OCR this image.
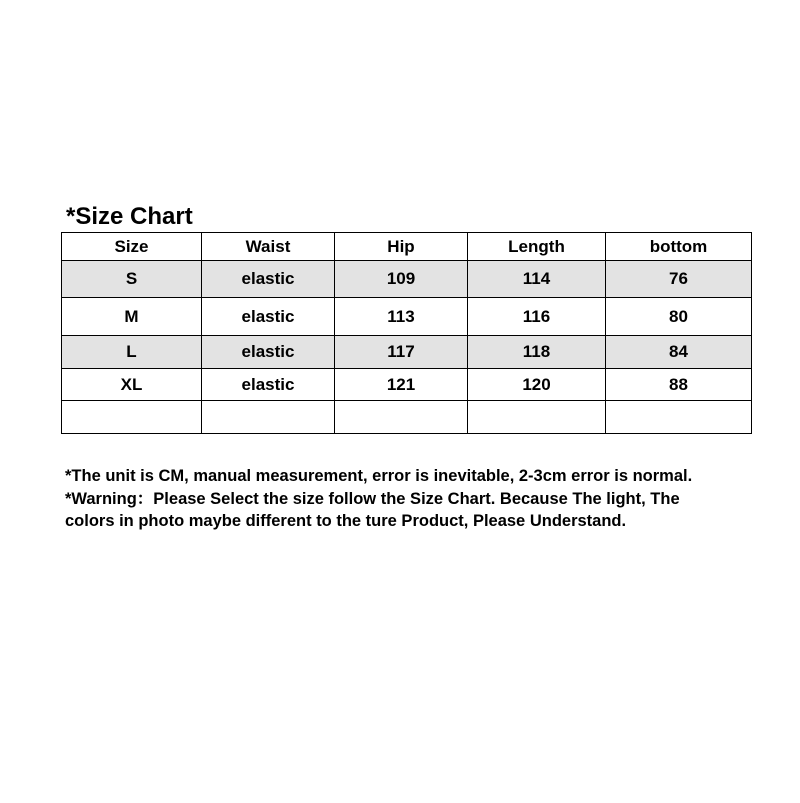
*Size Chart
Size	Waist	Hip	Length	bottom
S	elastic	109	114	76
M	elastic	113	116	80
L	elastic	117	118	84
XL	elastic	121	120	88

*The unit is CM, manual measurement, error is inevitable, 2-3cm error is normal.

*Warning：Please Select the size follow the Size Chart. Because The light, The

colors in photo maybe different to the ture Product, Please Understand.
